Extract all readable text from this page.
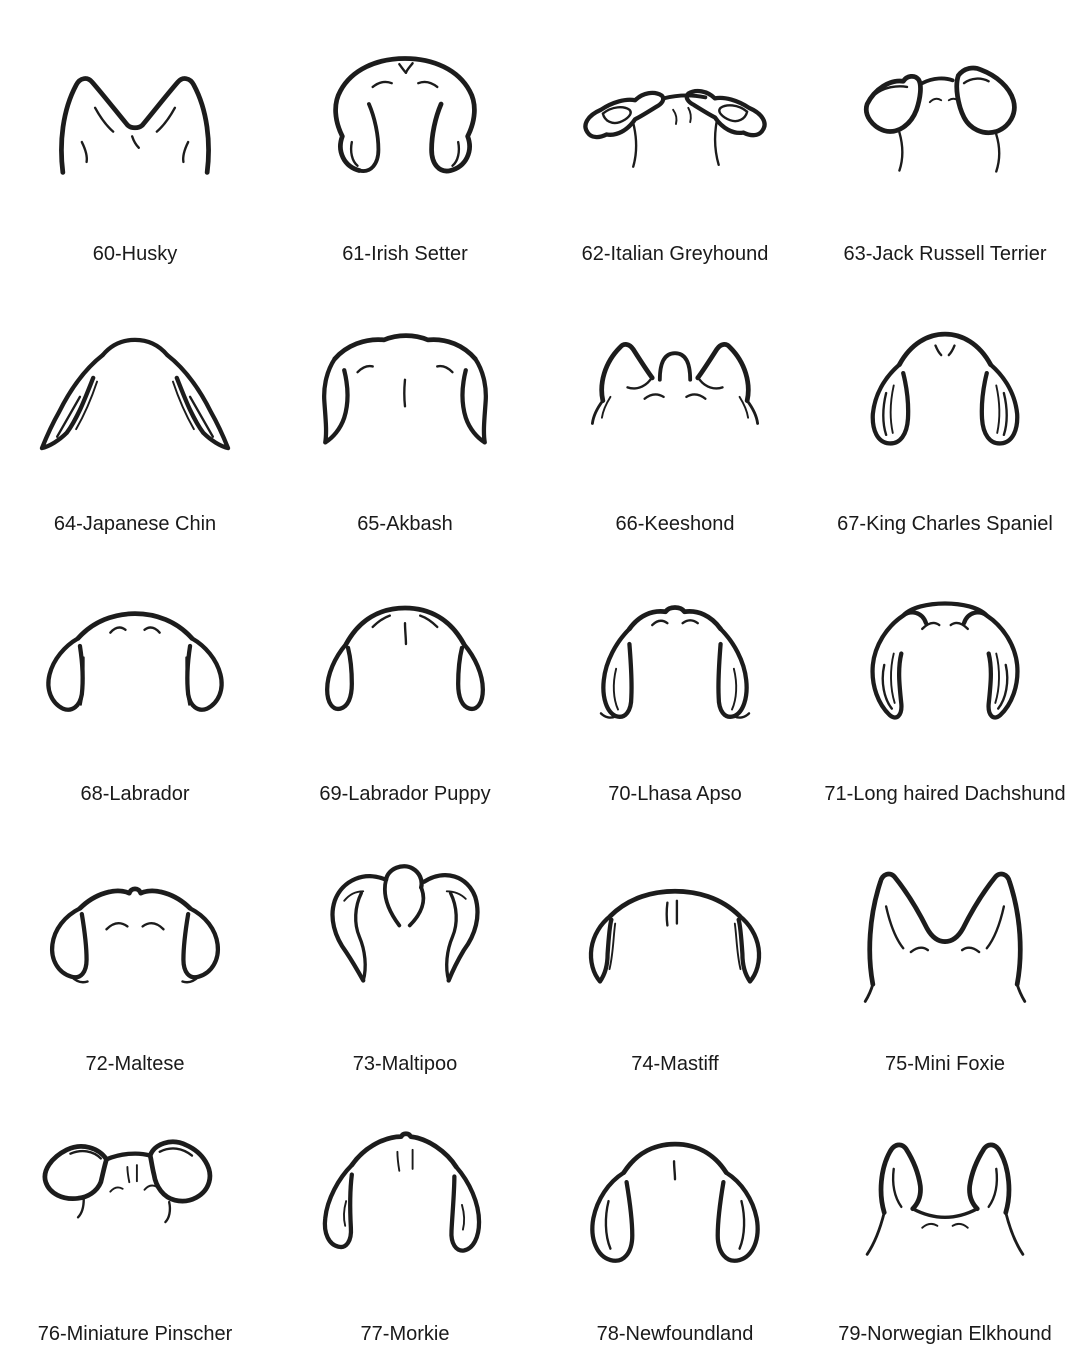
60-Husky	61-Irish Setter	62-Italian Greyhound	63-Jack Russell Terrier
64-Japanese Chin	65-Akbash	66-Keeshond	67-King Charles Spaniel
68-Labrador	69-Labrador Puppy	70-Lhasa Apso	71-Long haired Dachshund
72-Maltese	73-Maltipoo	74-Mastiff	75-Mini Foxie
76-Miniature Pinscher	77-Morkie	78-Newfoundland	79-Norwegian Elkhound
